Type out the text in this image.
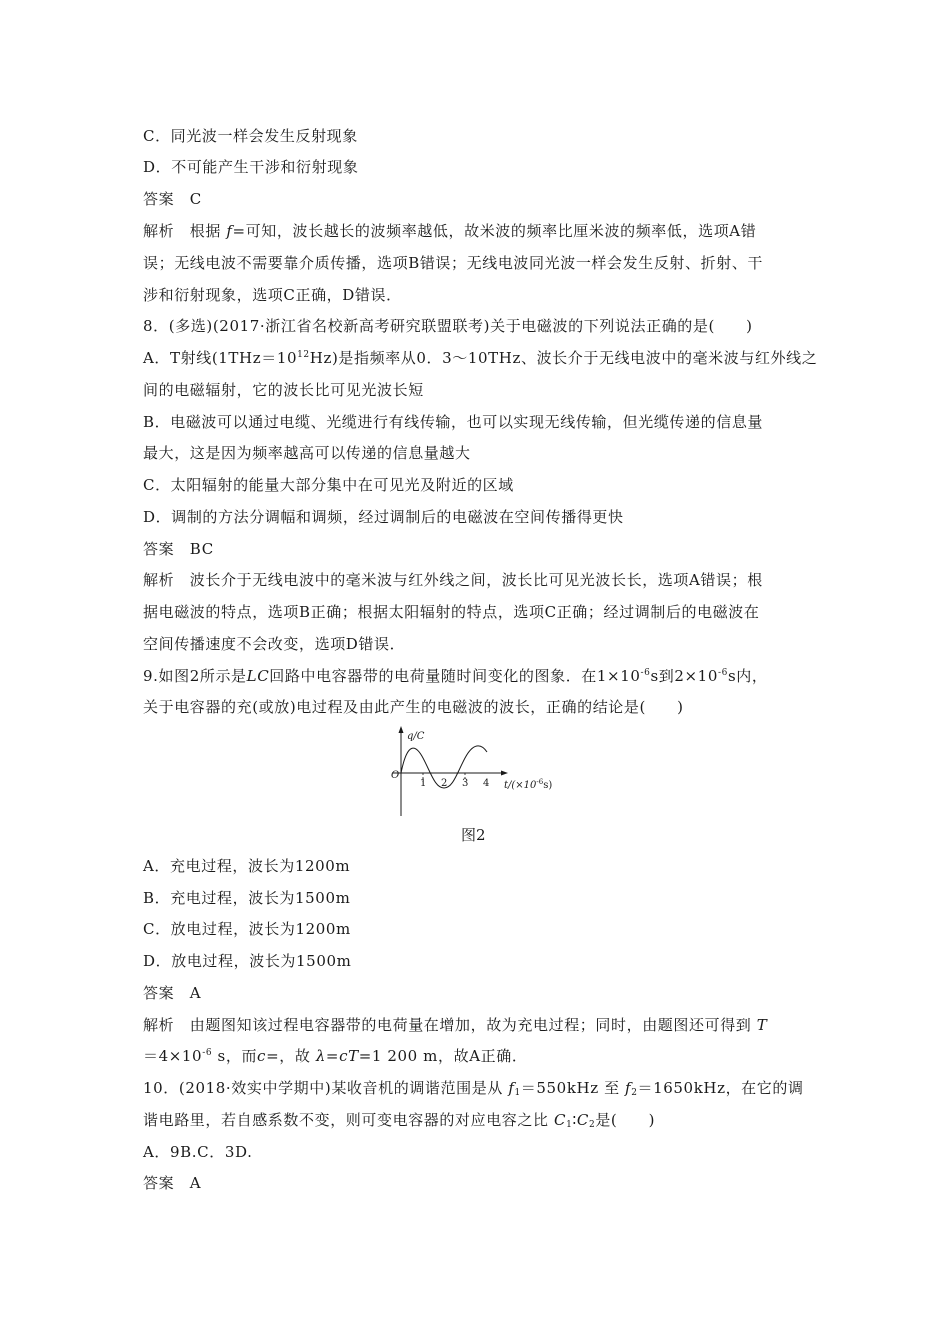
C．同光波一样会发生反射现象
D．不可能产生干涉和衍射现象
答案　C
解析　根据 f=可知，波长越长的波频率越低，故米波的频率比厘米波的频率低，选项A错
误；无线电波不需要靠介质传播，选项B错误；无线电波同光波一样会发生反射、折射、干
涉和衍射现象，选项C正确，D错误．
8．(多选)(2017·浙江省名校新高考研究联盟联考)关于电磁波的下列说法正确的是(　　)
A．T射线$(1THz=10^{12}Hz)$是指频率从0．3～10THz、波长介于无线电波中的毫米波与红外线之
间的电磁辐射，它的波长比可见光波长短
B．电磁波可以通过电缆、光缆进行有线传输，也可以实现无线传输，但光缆传递的信息量
最大，这是因为频率越高可以传递的信息量越大
C．太阳辐射的能量大部分集中在可见光及附近的区域
D．调制的方法分调幅和调频，经过调制后的电磁波在空间传播得更快
答案　BC
解析　波长介于无线电波中的毫米波与红外线之间，波长比可见光波长长，选项A错误；根
据电磁波的特点，选项B正确；根据太阳辐射的特点，选项C正确；经过调制后的电磁波在
空间传播速度不会改变，选项D错误．
9.如图2所示是LC回路中电容器带的电荷量随时间变化的图象．在$1\times 10^{-6}s$到$2\times 10^{-6}s$内，
关于电容器的充(或放)电过程及由此产生的电磁波的波长，正确的结论是(　　)
q/C
O
1 2 3 4 $t/(\times 10^{-6}s)$
图2
A．充电过程，波长为1200m
B．充电过程，波长为1500m
C．放电过程，波长为1200m
D．放电过程，波长为1500m
答案　A
解析　由题图知该过程电容器带的电荷量在增加，故为充电过程；同时，由题图还可得到 T
$=4\times 10^{-6}$ s，而c=，故 λ=cT=1 200 m，故A正确．
10．(2018·效实中学期中)某收音机的调谐范围是从 $f_1=550kHz$ 至 $f_2=1650kHz$，在它的调
谐电路里，若自感系数不变，则可变电容器的对应电容之比 $C_1∶C_2$是(　　)
A．9B.C．3D.
答案　A
